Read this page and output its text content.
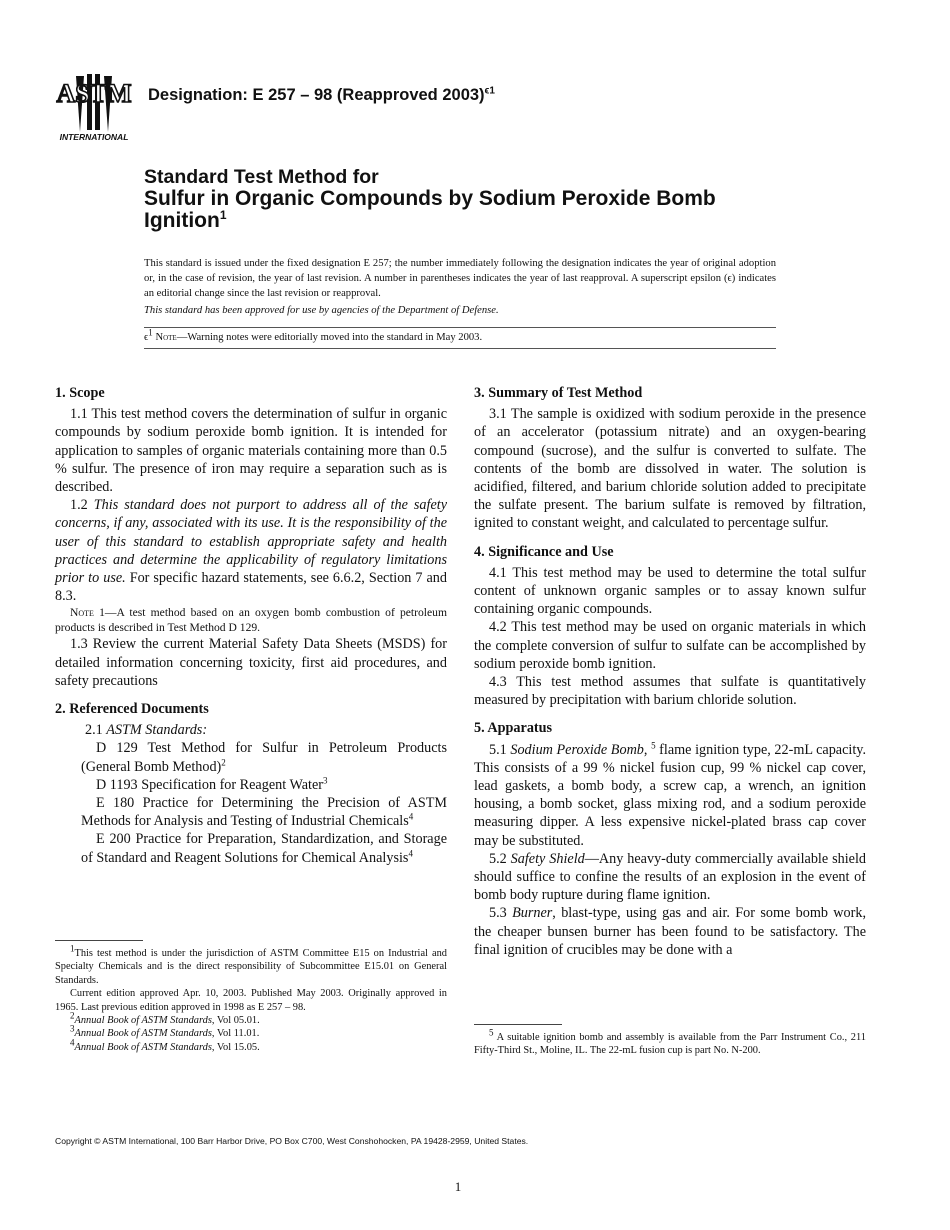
ASTM
INTERNATIONAL
Designation: E 257 – 98 (Reapproved 2003)$^{\epsilon 1}$
Standard Test Method for
Sulfur in Organic Compounds by Sodium Peroxide Bomb Ignition$^1$
This standard is issued under the fixed designation E 257; the number immediately following the designation indicates the year of original adoption or, in the case of revision, the year of last revision. A number in parentheses indicates the year of last reapproval. A superscript epsilon (ϵ) indicates an editorial change since the last revision or reapproval.
This standard has been approved for use by agencies of the Department of Defense.
$\epsilon^1$ Note—Warning notes were editorially moved into the standard in May 2003.
1. Scope

1.1 This test method covers the determination of sulfur in organic compounds by sodium peroxide bomb ignition. It is intended for application to samples of organic materials containing more than 0.5 % sulfur. The presence of iron may require a separation such as is described.

1.2 This standard does not purport to address all of the safety concerns, if any, associated with its use. It is the responsibility of the user of this standard to establish appropriate safety and health practices and determine the applicability of regulatory limitations prior to use. For specific hazard statements, see 6.6.2, Section 7 and 8.3.

Note 1—A test method based on an oxygen bomb combustion of petroleum products is described in Test Method D 129.

1.3 Review the current Material Safety Data Sheets (MSDS) for detailed information concerning toxicity, first aid procedures, and safety precautions

2. Referenced Documents

2.1 ASTM Standards:

D 129 Test Method for Sulfur in Petroleum Products (General Bomb Method)$^2$

D 1193 Specification for Reagent Water$^3$

E 180 Practice for Determining the Precision of ASTM Methods for Analysis and Testing of Industrial Chemicals$^4$

E 200 Practice for Preparation, Standardization, and Storage of Standard and Reagent Solutions for Chemical Analysis$^4$

3. Summary of Test Method

3.1 The sample is oxidized with sodium peroxide in the presence of an accelerator (potassium nitrate) and an oxygen-bearing compound (sucrose), and the sulfur is converted to sulfate. The contents of the bomb are dissolved in water. The solution is acidified, filtered, and barium chloride solution added to precipitate the sulfate present. The barium sulfate is removed by filtration, ignited to constant weight, and calculated to percentage sulfur.

4. Significance and Use

4.1 This test method may be used to determine the total sulfur content of unknown organic samples or to assay known sulfur containing organic compounds.

4.2 This test method may be used on organic materials in which the complete conversion of sulfur to sulfate can be accomplished by sodium peroxide bomb ignition.

4.3 This test method assumes that sulfate is quantitatively measured by precipitation with barium chloride solution.

5. Apparatus

5.1 Sodium Peroxide Bomb, $^5$ flame ignition type, 22-mL capacity. This consists of a 99 % nickel fusion cup, 99 % nickel cap cover, lead gaskets, a bomb body, a screw cap, a wrench, an ignition housing, a bomb socket, glass mixing rod, and a sodium peroxide measuring dipper. A less expensive nickel-plated brass cap cover may be substituted.

5.2 Safety Shield—Any heavy-duty commercially available shield should suffice to confine the results of an explosion in the event of bomb body rupture during flame ignition.

5.3 Burner, blast-type, using gas and air. For some bomb work, the cheaper bunsen burner has been found to be satisfactory. The final ignition of crucibles may be done with a

$^1$This test method is under the jurisdiction of ASTM Committee E15 on Industrial and Specialty Chemicals and is the direct responsibility of Subcommittee E15.01 on General Standards.

Current edition approved Apr. 10, 2003. Published May 2003. Originally approved in 1965. Last previous edition approved in 1998 as E 257 – 98.

$^2$Annual Book of ASTM Standards, Vol 05.01.

$^3$Annual Book of ASTM Standards, Vol 11.01.

$^4$Annual Book of ASTM Standards, Vol 15.05.

$^5$ A suitable ignition bomb and assembly is available from the Parr Instrument Co., 211 Fifty-Third St., Moline, IL. The 22-mL fusion cup is part No. N-200.

Copyright © ASTM International, 100 Barr Harbor Drive, PO Box C700, West Conshohocken, PA 19428-2959, United States.
1
